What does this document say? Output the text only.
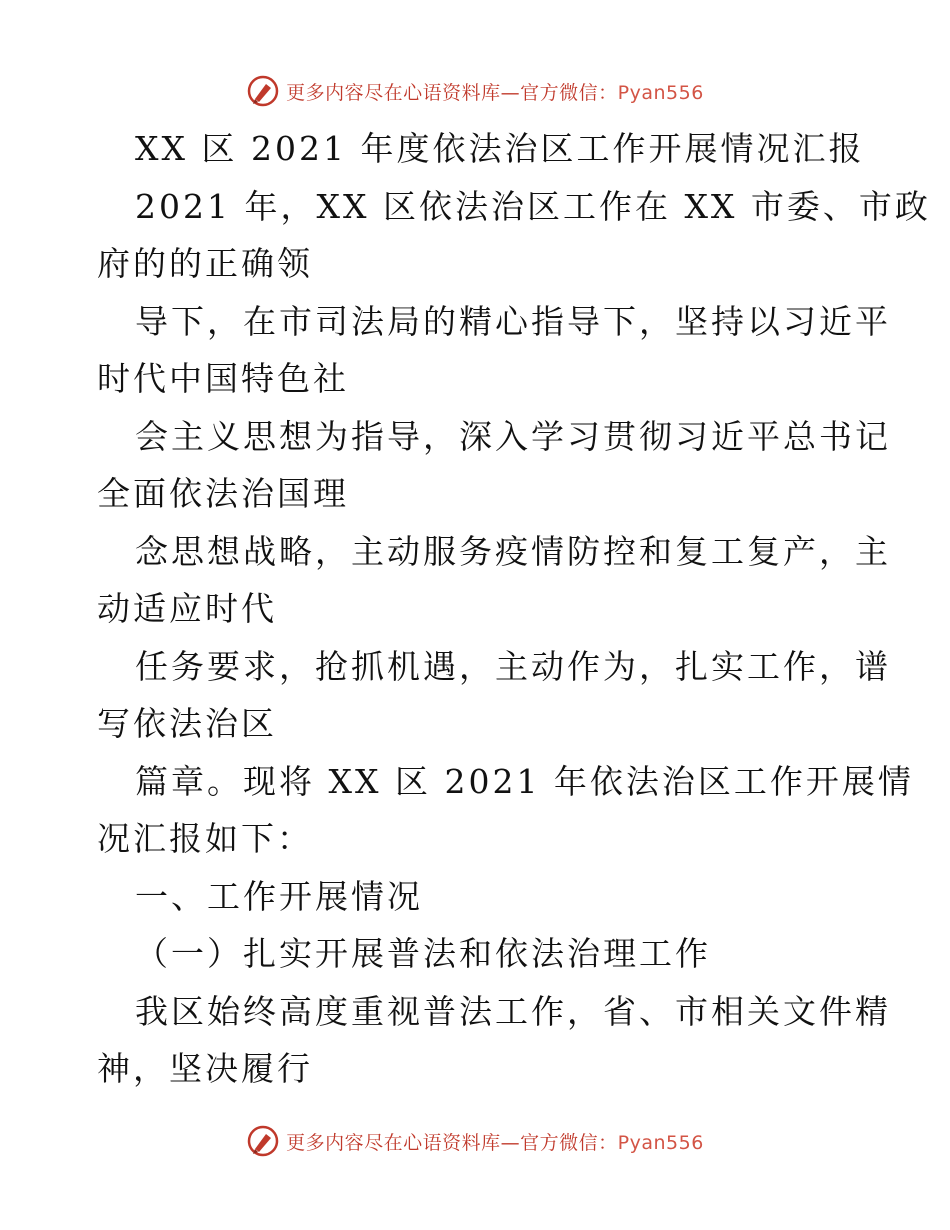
更多内容尽在心语资料库—官方微信：Pyan556
XX 区 2021 年度依法治区工作开展情况汇报
2021 年，XX 区依法治区工作在 XX 市委、市政
府的的正确领
导下，在市司法局的精心指导下，坚持以习近平
时代中国特色社
会主义思想为指导，深入学习贯彻习近平总书记
全面依法治国理
念思想战略，主动服务疫情防控和复工复产，主
动适应时代
任务要求，抢抓机遇，主动作为，扎实工作，谱
写依法治区
篇章。现将 XX 区 2021 年依法治区工作开展情
况汇报如下：
一、工作开展情况
（一）扎实开展普法和依法治理工作
我区始终高度重视普法工作，省、市相关文件精
神，坚决履行
更多内容尽在心语资料库—官方微信：Pyan556
